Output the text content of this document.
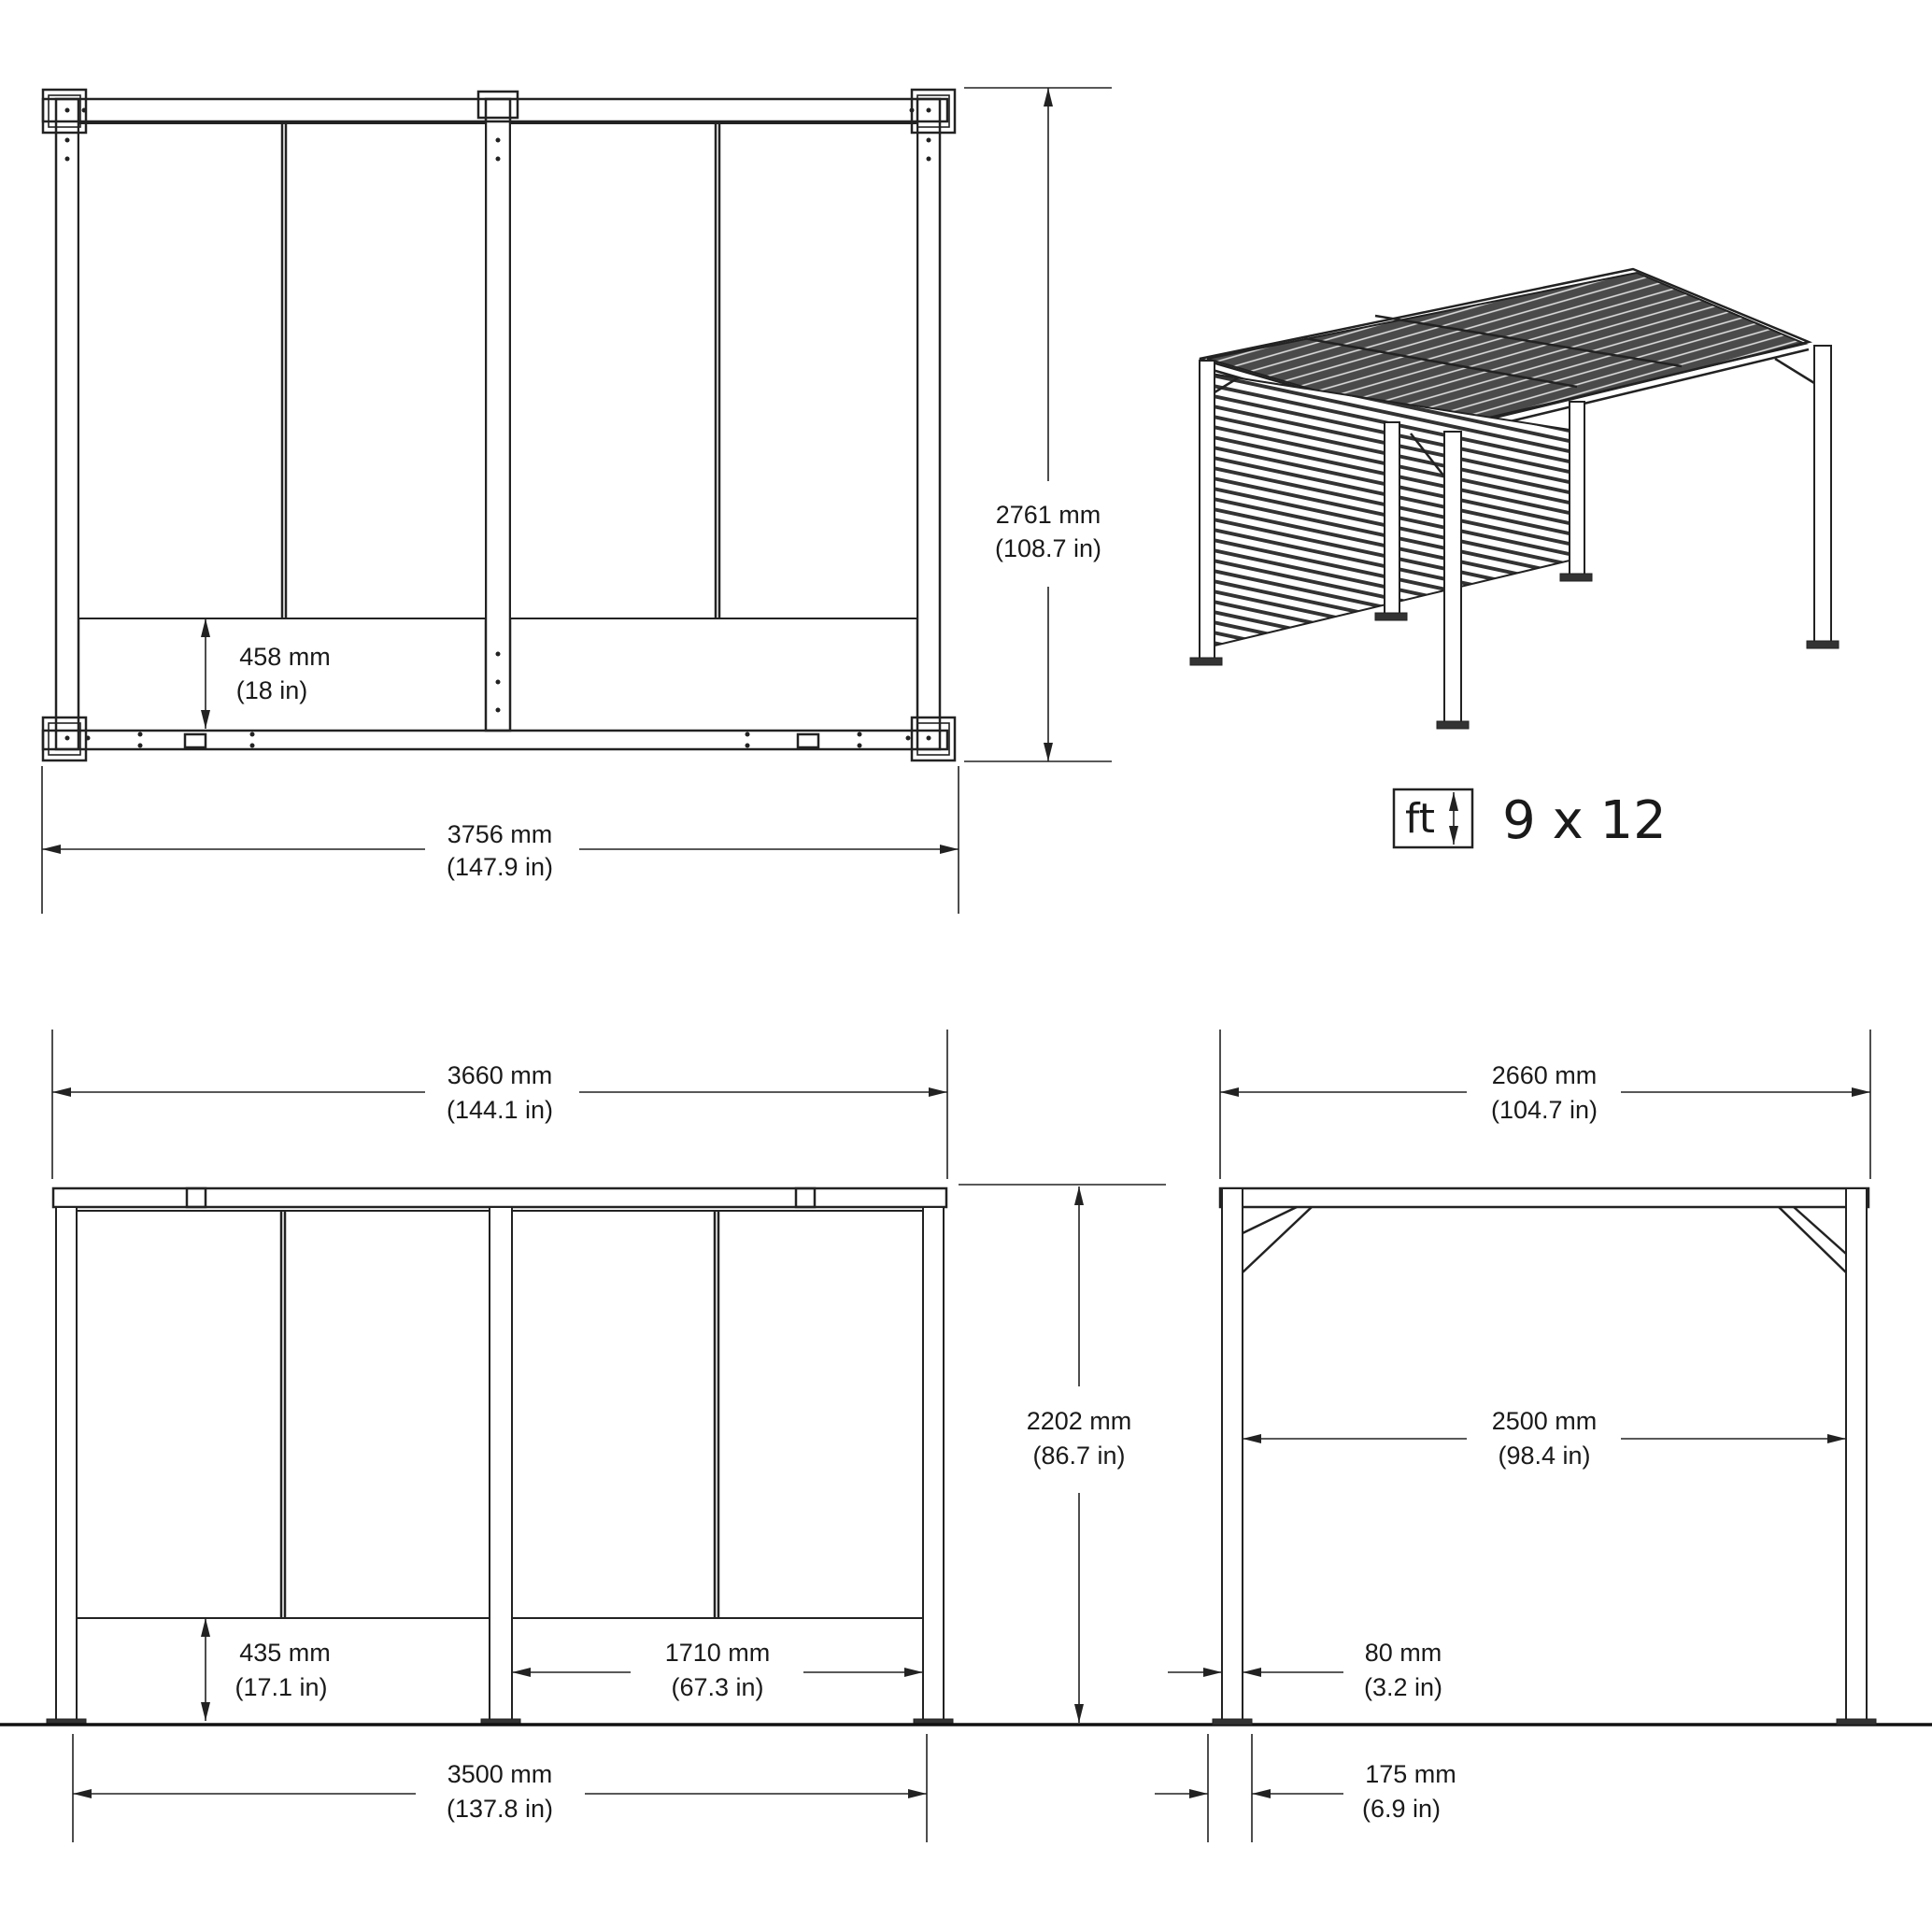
3756 mm
(147.9 in)
2761 mm
(108.7 in)
458 mm
(18 in)
ft 9 x 12
3660 mm
(144.1 in)
2202 mm
(86.7 in)
435 mm
(17.1 in)
1710 mm
(67.3 in)
3500 mm
(137.8 in)
2660 mm
(104.7 in)
2500 mm
(98.4 in)
80 mm
(3.2 in)
175 mm
(6.9 in)
